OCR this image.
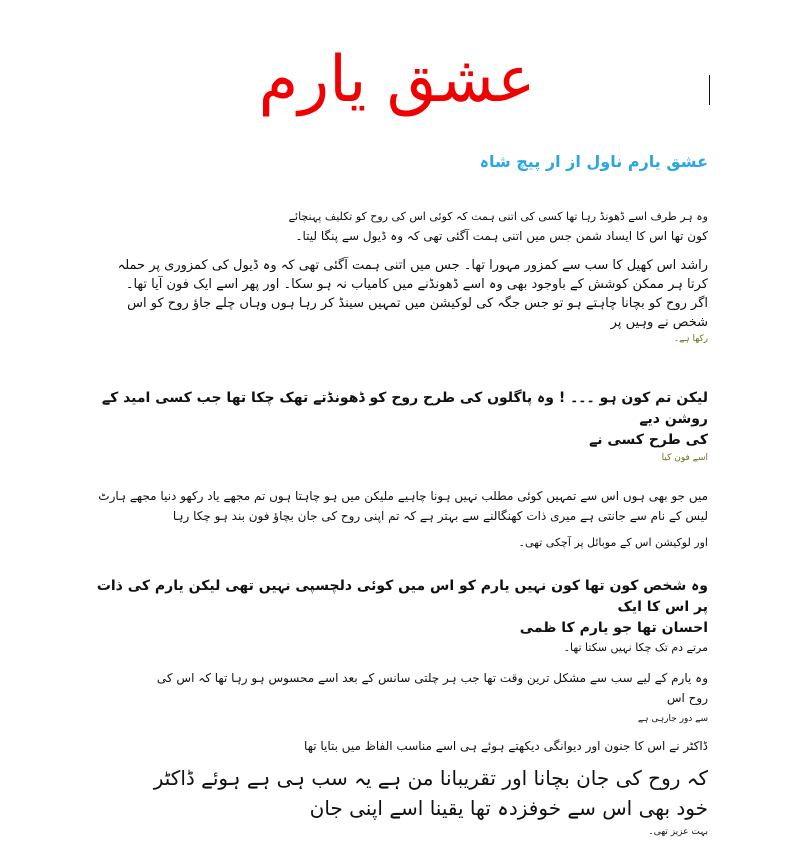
عشق یارم
عشق یارم ناول از ار پیچ شاہ

وہ ہر طرف اسے ڈھونڈ رہا تھا کسی کی اتنی ہمت کہ کوئی اس کی روح کو تکلیف پہنچائے

کون تھا اس کا ایساد شمن جس میں اتنی ہمت آگئی تھی کہ وہ ڈیول سے پنگا لیتا۔

راشد اس کھیل کا سب سے کمزور مہورا تھا۔ جس میں اتنی ہمت آگئی تھی کہ وہ ڈیول کی کمزوری پر حملہ

کرتا ہر ممکن کوشش کے باوجود بھی وہ اسے ڈھونڈنے میں کامیاب نہ ہو سکا۔ اور پھر اسے ایک فون آیا تھا۔

اگر روح کو بچانا چاہتے ہو تو جس جگہ کی لوکیشن میں تمہیں سینڈ کر رہا ہوں وہاں چلے جاؤ روح کو اس

شخص نے وہیں پر

رکھا ہے۔

لیکن تم کون ہو ۔۔۔ ! وہ پاگلوں کی طرح روح کو ڈھونڈتے تھک چکا تھا جب کسی امید کے روشن دیے

کی طرح کسی نے

اسے فون کیا

میں جو بھی ہوں اس سے تمہیں کوئی مطلب نہیں ہونا چاہیے ملیکن میں ہو چاہتا ہوں تم مجھے یاد رکھو دنیا مجھے ہارٹ

لیس کے نام سے جانتی ہے میری ذات کھنگالنے سے بہتر ہے کہ تم اپنی روح کی جان بچاؤ فون بند ہو چکا رہا

اور لوکیشن اس کے موبائل پر آچکی تھی۔

وہ شخص کون تھا کون نہیں یارم کو اس میں کوئی دلچسپی نہیں تھی لیکن یارم کی ذات پر اس کا ایک

احسان تھا جو یارم کا ظمی

مرتے دم تک چکا نہیں سکتا تھا۔

وہ یارم کے لیے سب سے مشکل ترین وقت تھا جب ہر چلتی سانس کے بعد اسے محسوس ہو رہا تھا کہ اس کی

روح اس

سے دور جارہی ہے

ڈاکٹر نے اس کا جنون اور دیوانگی دیکھتے ہوئے ہی اسے مناسب الفاظ میں بتایا تھا

کہ روح کی جان بچانا اور تقریبانا من ہے یہ سب ہی ہے ہوئے ڈاکٹر

خود بھی اس سے خوفزدہ تھا یقینا اسے اپنی جان

بہت عزیز تھی۔
